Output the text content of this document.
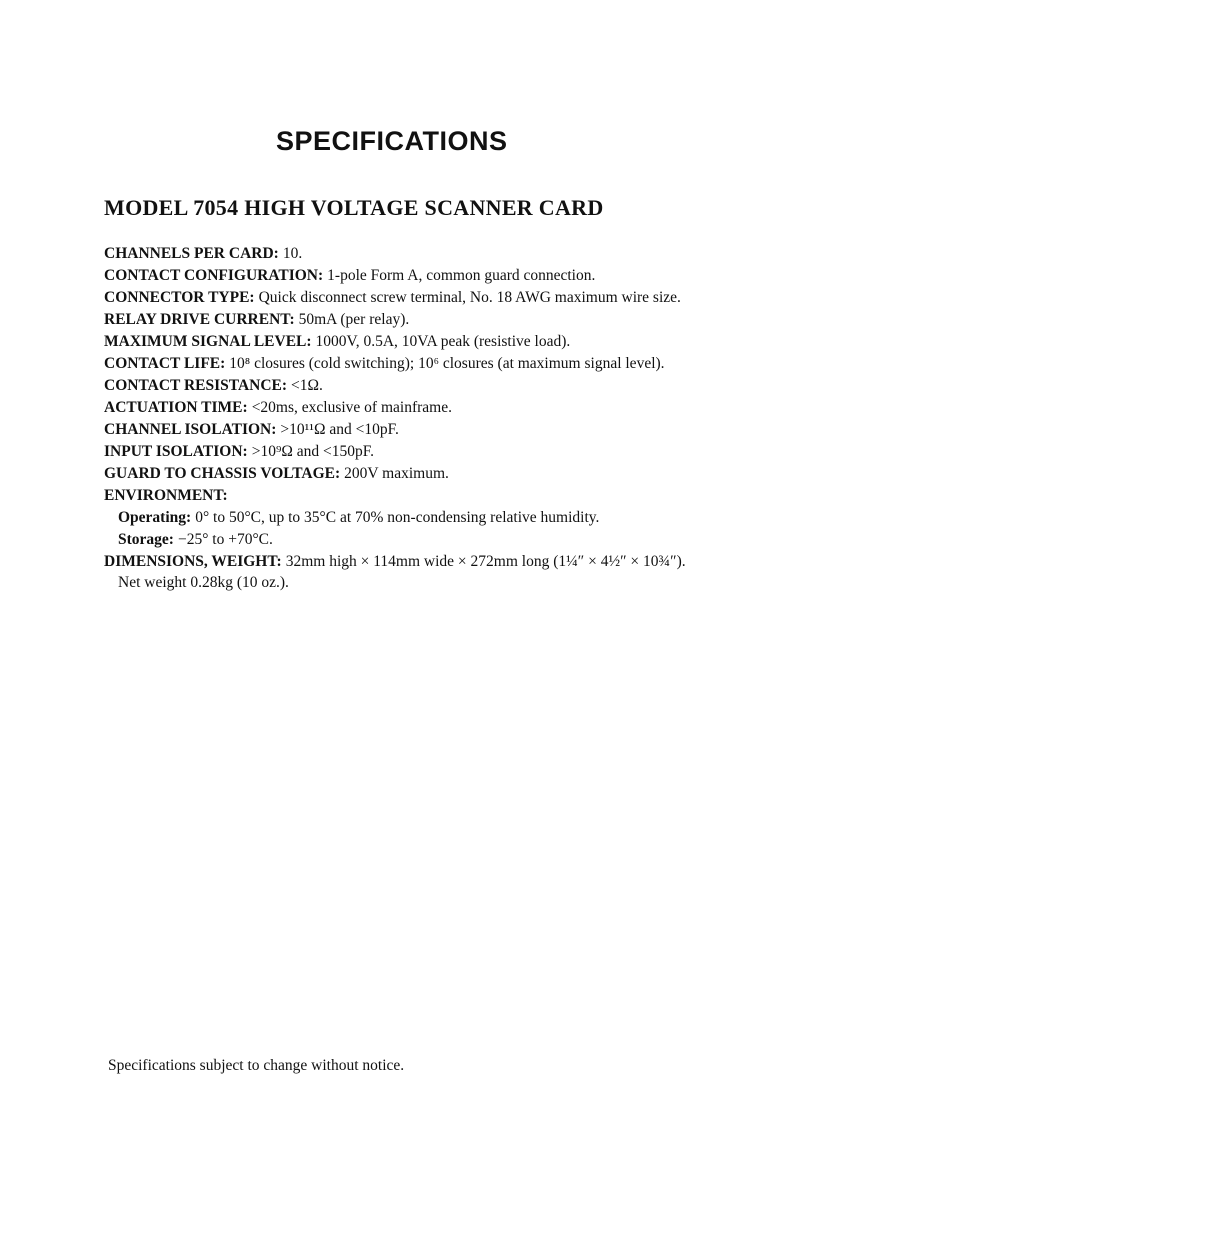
SPECIFICATIONS
MODEL 7054 HIGH VOLTAGE SCANNER CARD

CHANNELS PER CARD: 10.

CONTACT CONFIGURATION: 1-pole Form A, common guard connection.

CONNECTOR TYPE: Quick disconnect screw terminal, No. 18 AWG maximum wire size.

RELAY DRIVE CURRENT: 50mA (per relay).

MAXIMUM SIGNAL LEVEL: 1000V, 0.5A, 10VA peak (resistive load).

CONTACT LIFE: 10⁸ closures (cold switching); 10⁶ closures (at maximum signal level).

CONTACT RESISTANCE: <1Ω.

ACTUATION TIME: <20ms, exclusive of mainframe.

CHANNEL ISOLATION: >10¹¹Ω and <10pF.

INPUT ISOLATION: >10⁹Ω and <150pF.

GUARD TO CHASSIS VOLTAGE: 200V maximum.

ENVIRONMENT:

Operating: 0° to 50°C, up to 35°C at 70% non-condensing relative humidity.

Storage: −25° to +70°C.

DIMENSIONS, WEIGHT: 32mm high × 114mm wide × 272mm long (1¼″ × 4½″ × 10¾″). Net weight 0.28kg (10 oz.).

Specifications subject to change without notice.
